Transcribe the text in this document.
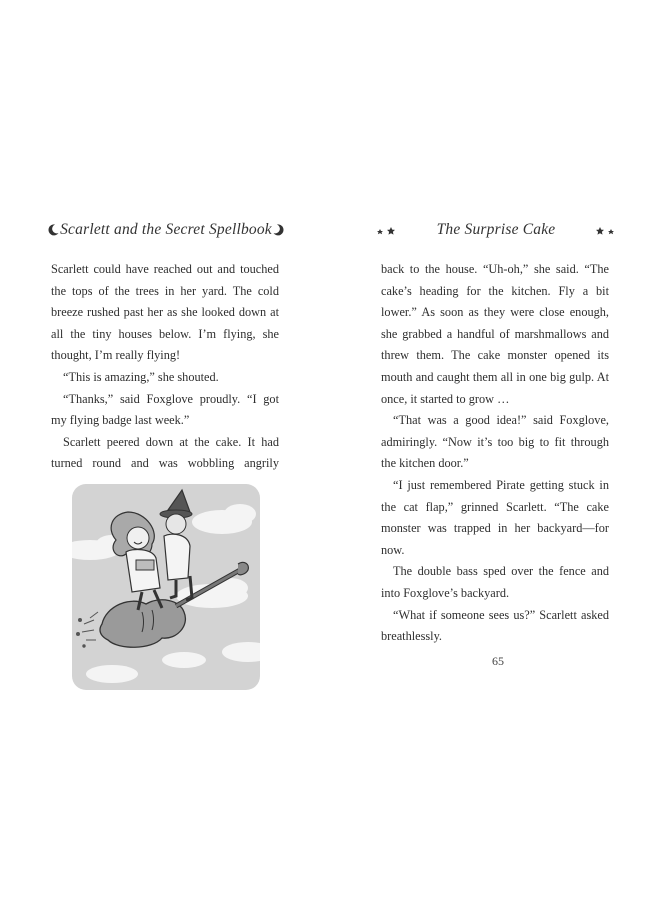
Scarlett and the Secret Spellbook

Scarlett could have reached out and touched the tops of the trees in her yard. The cold breeze rushed past her as she looked down at all the tiny houses below. I’m flying, she thought, I’m really flying!

“This is amazing,” she shouted.

“Thanks,” said Foxglove proudly. “I got my flying badge last week.”

Scarlett peered down at the cake. It had turned round and was wobbling angrily

The Surprise Cake

back to the house. “Uh-oh,” she said. “The cake’s heading for the kitchen. Fly a bit lower.” As soon as they were close enough, she grabbed a handful of marshmallows and threw them. The cake monster opened its mouth and caught them all in one big gulp. At once, it started to grow …

“That was a good idea!” said Foxglove, admiringly. “Now it’s too big to fit through the kitchen door.”

“I just remembered Pirate getting stuck in the cat flap,” grinned Scarlett. “The cake monster was trapped in her backyard—for now.

The double bass sped over the fence and into Foxglove’s backyard.

“What if someone sees us?” Scarlett asked breathlessly.

65
